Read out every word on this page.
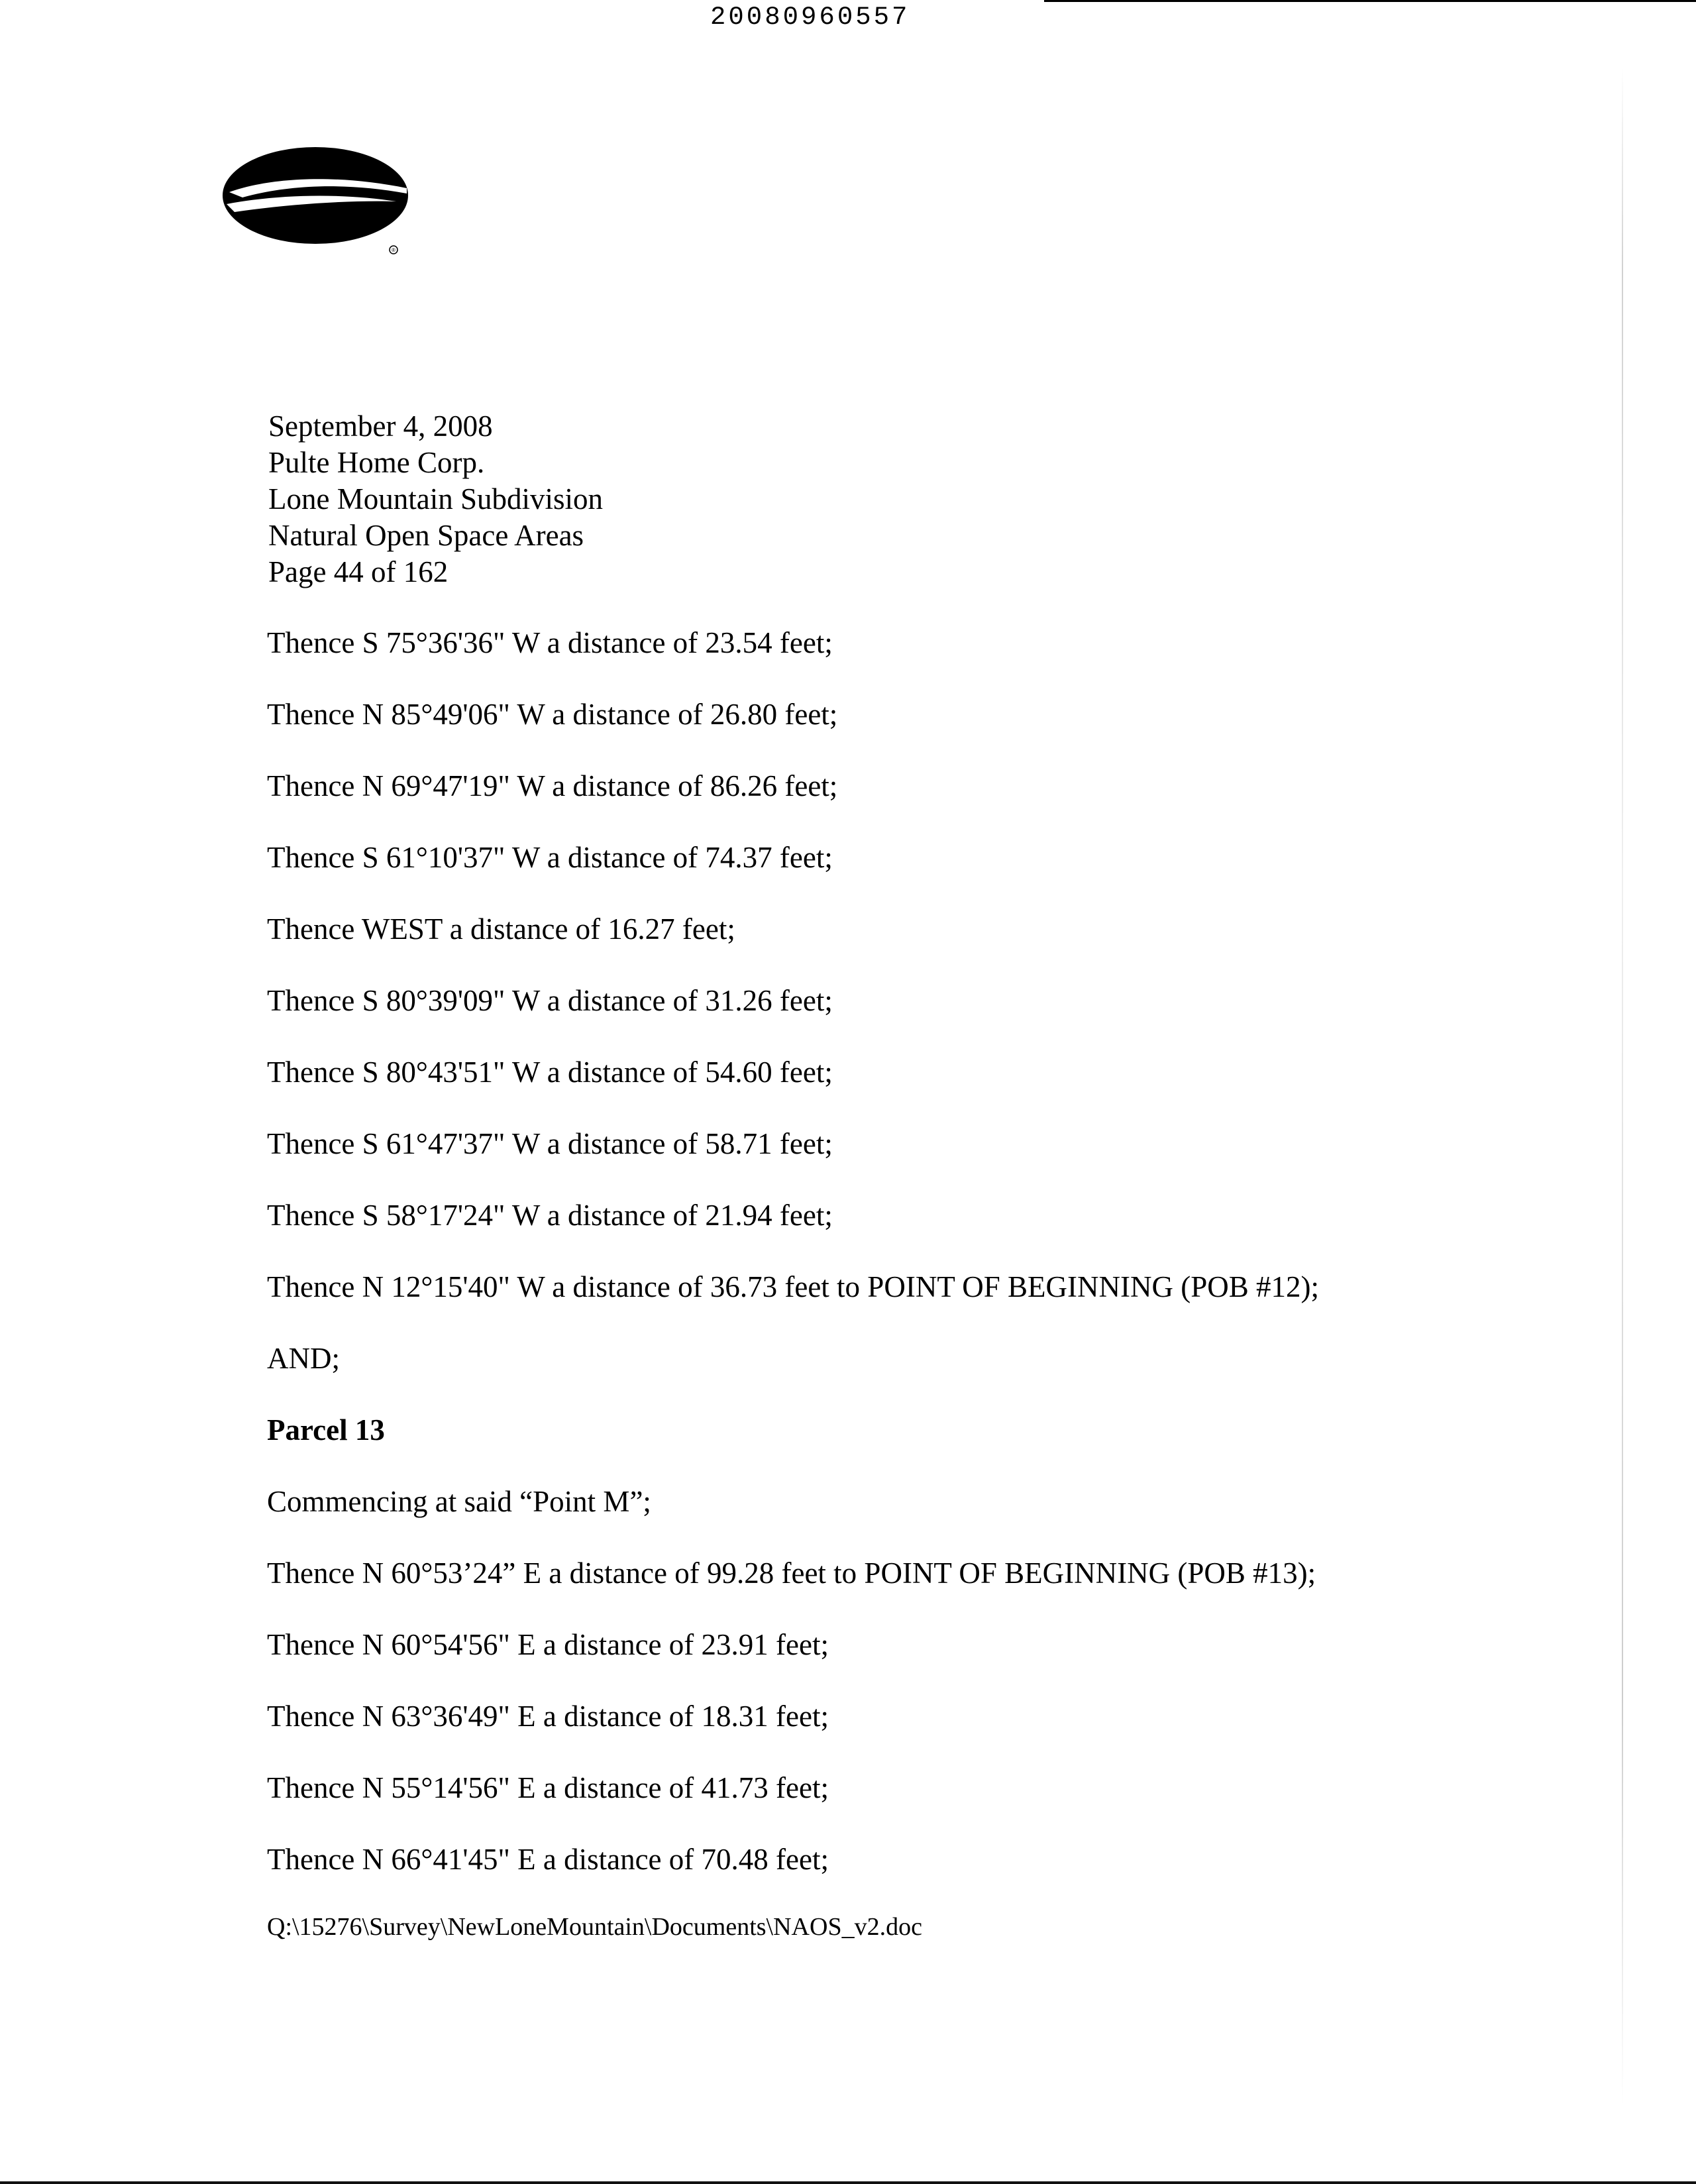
20080960557
®
September 4, 2008
Pulte Home Corp.
Lone Mountain Subdivision
Natural Open Space Areas
Page 44 of 162
Thence S 75°36'36" W a distance of 23.54 feet;
Thence N 85°49'06" W a distance of 26.80 feet;
Thence N 69°47'19" W a distance of 86.26 feet;
Thence S 61°10'37" W a distance of 74.37 feet;
Thence WEST a distance of 16.27 feet;
Thence S 80°39'09" W a distance of 31.26 feet;
Thence S 80°43'51" W a distance of 54.60 feet;
Thence S 61°47'37" W a distance of 58.71 feet;
Thence S 58°17'24" W a distance of 21.94 feet;
Thence N 12°15'40" W a distance of 36.73 feet to POINT OF BEGINNING (POB #12);
AND;
Parcel 13
Commencing at said “Point M”;
Thence N 60°53’24” E a distance of 99.28 feet to POINT OF BEGINNING (POB #13);
Thence N 60°54'56" E a distance of 23.91 feet;
Thence N 63°36'49" E a distance of 18.31 feet;
Thence N 55°14'56" E a distance of 41.73 feet;
Thence N 66°41'45" E a distance of 70.48 feet;
Q:\15276\Survey\NewLoneMountain\Documents\NAOS_v2.doc
